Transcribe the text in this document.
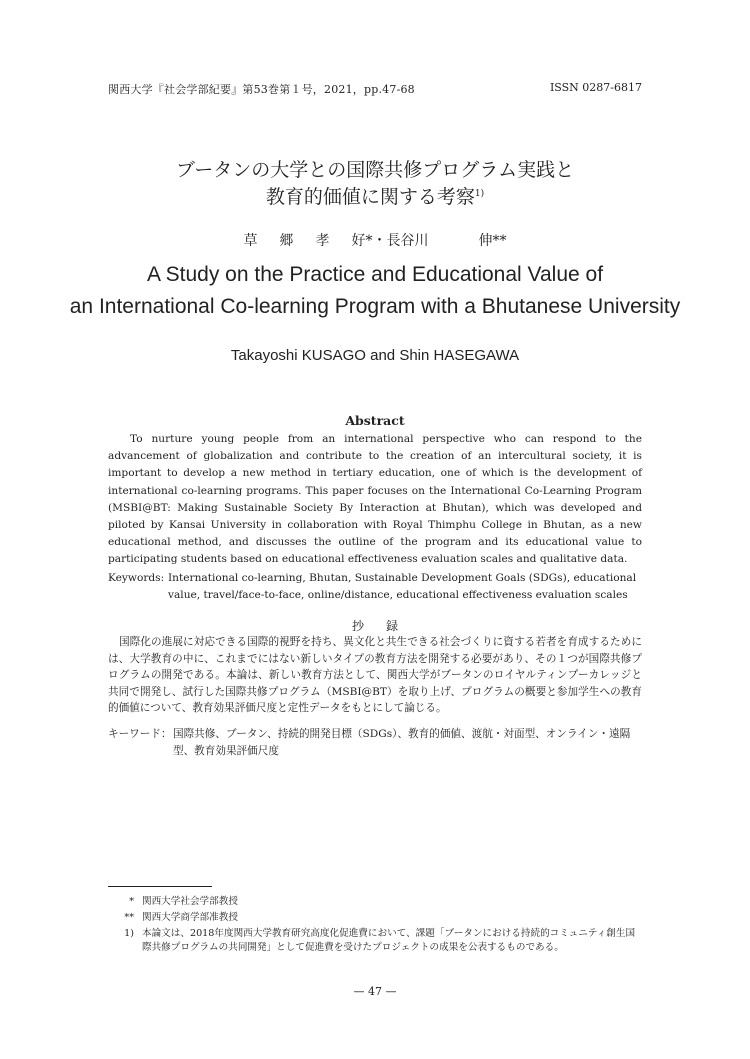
関西大学『社会学部紀要』第53巻第１号，2021，pp.47-68	ISSN 0287-6817
ブータンの大学との国際共修プログラム実践と
教育的価値に関する考察$^{1)}$
草 郷 孝 好*・長谷川	伸**
A Study on the Practice and Educational Value of
an International Co-learning Program with a Bhutanese University
Takayoshi KUSAGO and Shin HASEGAWA
Abstract
To nurture young people from an international perspective who can respond to the advancement of globalization and contribute to the creation of an intercultural society, it is important to develop a new method in tertiary education, one of which is the development of international co-learning programs. This paper focuses on the International Co-Learning Program (MSBI@BT: Making Sustainable Society By Interaction at Bhutan), which was developed and piloted by Kansai University in collaboration with Royal Thimphu College in Bhutan, as a new educational method, and discusses the outline of the program and its educational value to participating students based on educational effectiveness evaluation scales and qualitative data.
Keywords: International co-learning, Bhutan, Sustainable Development Goals (SDGs), educational value, travel/face-to-face, online/distance, educational effectiveness evaluation scales
抄 録
国際化の進展に対応できる国際的視野を持ち、異文化と共生できる社会づくりに資する若者を育成するためには、大学教育の中に、これまでにはない新しいタイプの教育方法を開発する必要があり、その１つが国際共修プログラムの開発である。本論は、新しい教育方法として、関西大学がブータンのロイヤルティンプーカレッジと共同で開発し、試行した国際共修プログラム（MSBI@BT）を取り上げ、プログラムの概要と参加学生への教育的価値について、教育効果評価尺度と定性データをもとにして論じる。
キーワード： 国際共修、ブータン、持続的開発目標（SDGs）、教育的価値、渡航・対面型、オンライン・遠隔型、教育効果評価尺度
* 関西大学社会学部教授
** 関西大学商学部准教授
1) 本論文は、2018年度関西大学教育研究高度化促進費において、課題「ブータンにおける持続的コミュニティ創生国際共修プログラムの共同開発」として促進費を受けたプロジェクトの成果を公表するものである。
— 47 —
